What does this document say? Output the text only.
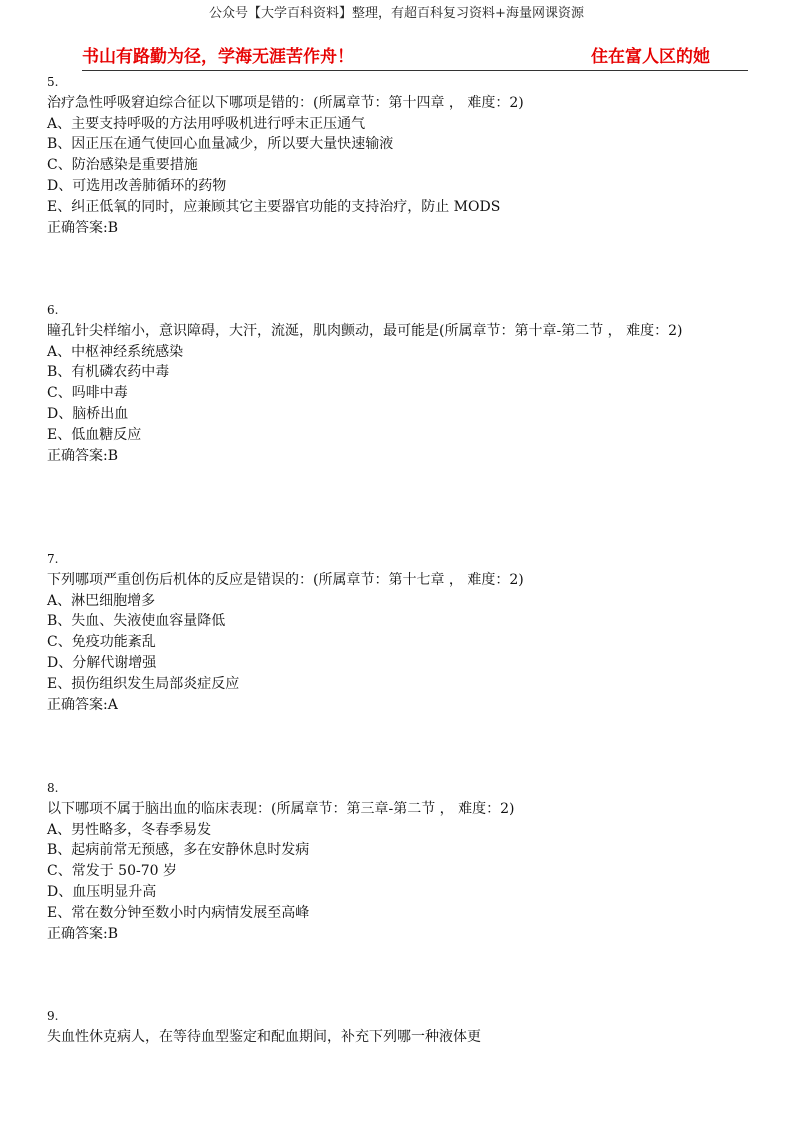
公众号【大学百科资料】整理，有超百科复习资料+海量网课资源
书山有路勤为径，学海无涯苦作舟！	住在富人区的她
5.
治疗急性呼吸窘迫综合征以下哪项是错的：(所属章节：第十四章 ， 难度：2)
A、主要支持呼吸的方法用呼吸机进行呼末正压通气
B、因正压在通气使回心血量减少，所以要大量快速输液
C、防治感染是重要措施
D、可选用改善肺循环的药物
E、纠正低氧的同时，应兼顾其它主要器官功能的支持治疗，防止 MODS
正确答案:B
6.
瞳孔针尖样缩小，意识障碍，大汗，流涎，肌肉颤动，最可能是(所属章节：第十章-第二节 ， 难度：2)
A、中枢神经系统感染
B、有机磷农药中毒
C、吗啡中毒
D、脑桥出血
E、低血糖反应
正确答案:B
7.
下列哪项严重创伤后机体的反应是错误的：(所属章节：第十七章 ， 难度：2)
A、淋巴细胞增多
B、失血、失液使血容量降低
C、免疫功能紊乱
D、分解代谢增强
E、损伤组织发生局部炎症反应
正确答案:A
8.
以下哪项不属于脑出血的临床表现：(所属章节：第三章-第二节 ， 难度：2)
A、男性略多，冬春季易发
B、起病前常无预感，多在安静休息时发病
C、常发于 50-70 岁
D、血压明显升高
E、常在数分钟至数小时内病情发展至高峰
正确答案:B
9.
失血性休克病人，在等待血型鉴定和配血期间，补充下列哪一种液体更
